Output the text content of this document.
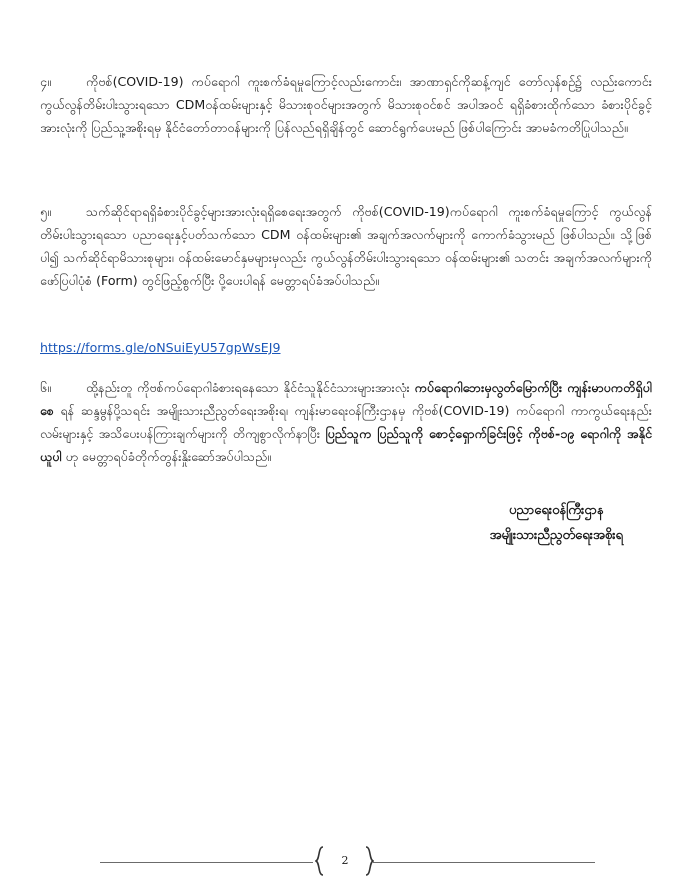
၄။	ကိုဗစ်(COVID-19) ကပ်ရောဂါ ကူးစက်ခံရမှုကြောင့်လည်းကောင်း၊ အာဏာရှင်ကိုဆန့်ကျင် တော်လှန်စဥ်၌ လည်းကောင်း ကွယ်လွန်တိမ်းပါးသွားရသော CDMဝန်ထမ်းများနှင့် မိသားစုဝင်များအတွက် မိသားစုဝင်စင် အပါအဝင် ရရှိခံစားထိုက်သော ခံစားပိုင်ခွင့်အားလုံးကို ပြည်သူ့အစိုးရမှ နိုင်ငံတော်တာဝန်များကို ပြန်လည်ရရှိချိန်တွင် ဆောင်ရွက်ပေးမည် ဖြစ်ပါကြောင်း အာမခံကတိပြုပါသည်။

၅။	သက်ဆိုင်ရာရရှိခံစားပိုင်ခွင့်များအားလုံးရရှိစေရေးအတွက် ကိုဗစ်(COVID-19)ကပ်ရောဂါ ကူးစက်ခံရမှုကြောင့် ကွယ်လွန်တိမ်းပါးသွားရသော ပညာရေးနှင့်ပတ်သက်သော CDM ဝန်ထမ်းများ၏ အချက်အလက်များကို ကောက်ခံသွားမည် ဖြစ်ပါသည်။ သို့ဖြစ်ပါ၍ သက်ဆိုင်ရာမိသားစုများ၊ ဝန်ထမ်းမောင်နှမများမှလည်း ကွယ်လွန်တိမ်းပါးသွားရသော ဝန်ထမ်းများ၏ သတင်း အချက်အလက်များကို ဖော်ပြပါပုံစံ (Form) တွင်ဖြည့်စွက်ပြီး ပို့ပေးပါရန် မေတ္တာရပ်ခံအပ်ပါသည်။

https://forms.gle/oNSuiEyU57gpWsEJ9

၆။	ထို့နည်းတူ ကိုဗစ်ကပ်ရောဂါခံစားရနေသော နိုင်ငံသူနိုင်ငံသားများအားလုံး ကပ်ရောဂါဘေးမှလွတ်မြောက်ပြီး ကျန်းမာပကတိရှိပါစေ ရန် ဆန္ဒမွန်ပို့သရင်း အမျိုးသားညီညွတ်ရေးအစိုးရ၊ ကျန်းမာရေးဝန်ကြီးဌာနမှ ကိုဗစ်(COVID-19) ကပ်ရောဂါ ကာကွယ်ရေးနည်းလမ်းများနှင့် အသိပေးပန်ကြားချက်များကို တိကျစွာလိုက်နာပြီး ပြည်သူက ပြည်သူကို စောင့်ရှောက်ခြင်းဖြင့် ကိုဗစ်-၁၉ ရောဂါကို အနိုင်ယူပါ ဟု မေတ္တာရပ်ခံတိုက်တွန်းနှိုးဆော်အပ်ပါသည်။

ပညာရေးဝန်ကြီးဌာန
အမျိုးသားညီညွတ်ရေးအစိုးရ
2
